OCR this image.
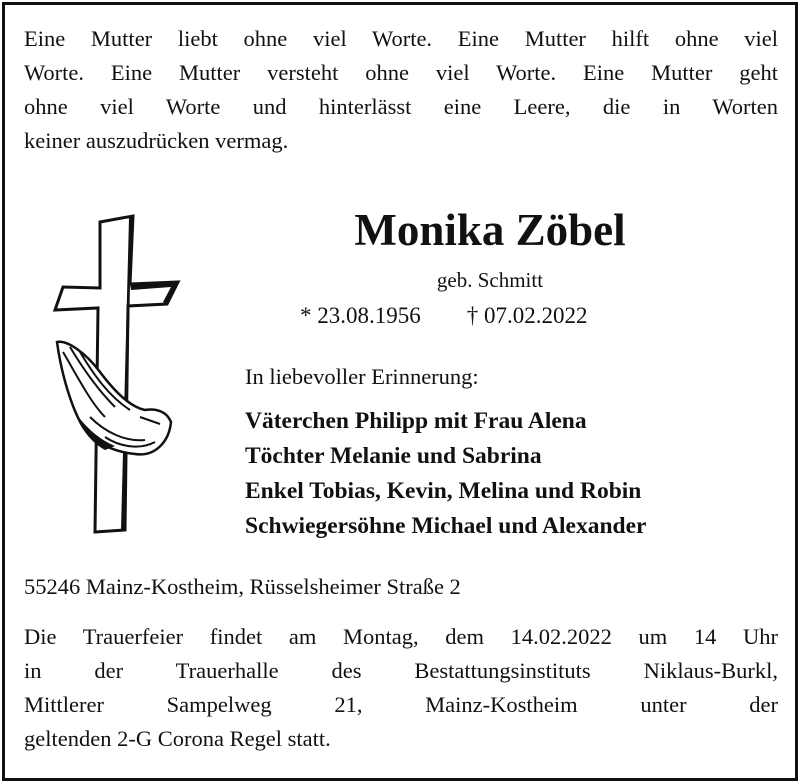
Eine Mutter liebt ohne viel Worte. Eine Mutter hilft ohne viel
Worte. Eine Mutter versteht ohne viel Worte. Eine Mutter geht
ohne viel Worte und hinterlässt eine Leere, die in Worten
keiner auszudrücken vermag.
Monika Zöbel
geb. Schmitt
* 23.08.1956 † 07.02.2022
In liebevoller Erinnerung:
Väterchen Philipp mit Frau Alena
Töchter Melanie und Sabrina
Enkel Tobias, Kevin, Melina und Robin
Schwiegersöhne Michael und Alexander
55246 Mainz-Kostheim, Rüsselsheimer Straße 2
Die Trauerfeier findet am Montag, dem 14.02.2022 um 14 Uhr
in der Trauerhalle des Bestattungsinstituts Niklaus-Burkl,
Mittlerer Sampelweg 21, Mainz-Kostheim unter der
geltenden 2-G Corona Regel statt.
